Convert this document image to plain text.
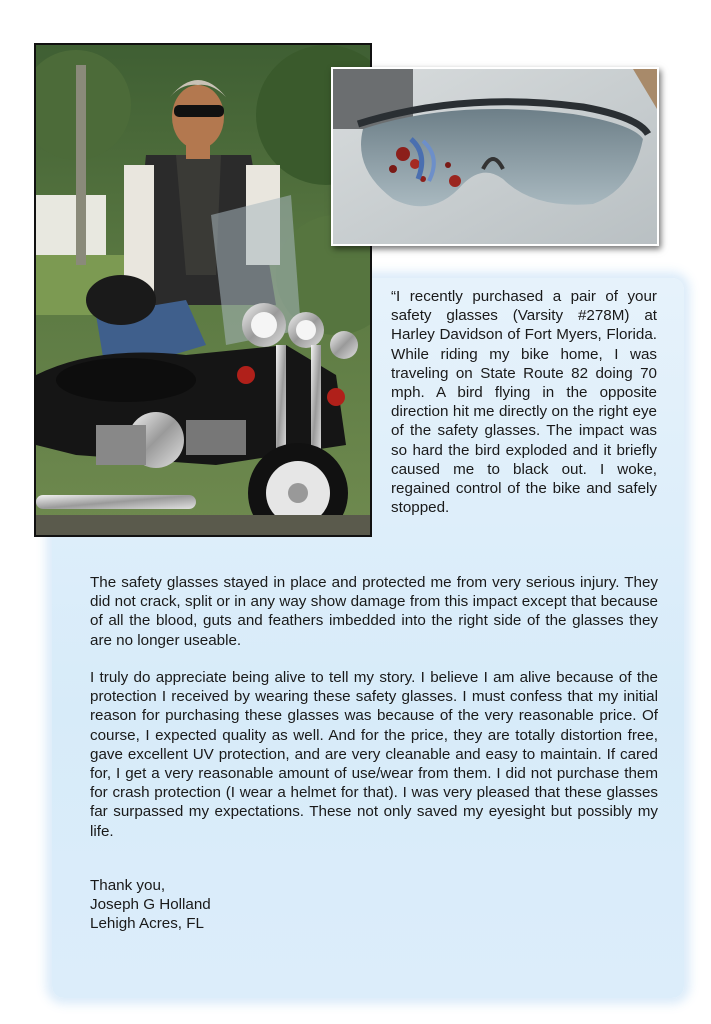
“I recently purchased a pair of your safety glasses (Varsity #278M) at Harley Davidson of Fort Myers, Florida. While riding my bike home, I was traveling on State Route 82 doing 70 mph. A bird flying in the opposite direction hit me directly on the right eye of the safety glasses. The impact was so hard the bird exploded and it briefly caused me to black out. I woke, regained control of the bike and safely stopped.

The safety glasses stayed in place and protected me from very serious injury. They did not crack, split or in any way show damage from this impact except that because of all the blood, guts and feathers imbedded into the right side of the glasses they are no longer useable.

I truly do appreciate being alive to tell my story. I believe I am alive because of the protection I received by wearing these safety glasses. I must confess that my initial reason for purchasing these glasses was because of the very reasonable price. Of course, I expected quality as well. And for the price, they are totally distortion free, gave excellent UV protection, and are very cleanable and easy to maintain. If cared for, I get a very reasonable amount of use/wear from them. I did not purchase them for crash protection (I wear a helmet for that). I was very pleased that these glasses far surpassed my expectations. These not only saved my eyesight but possibly my life.

Thank you,
Joseph G Holland
Lehigh Acres, FL
